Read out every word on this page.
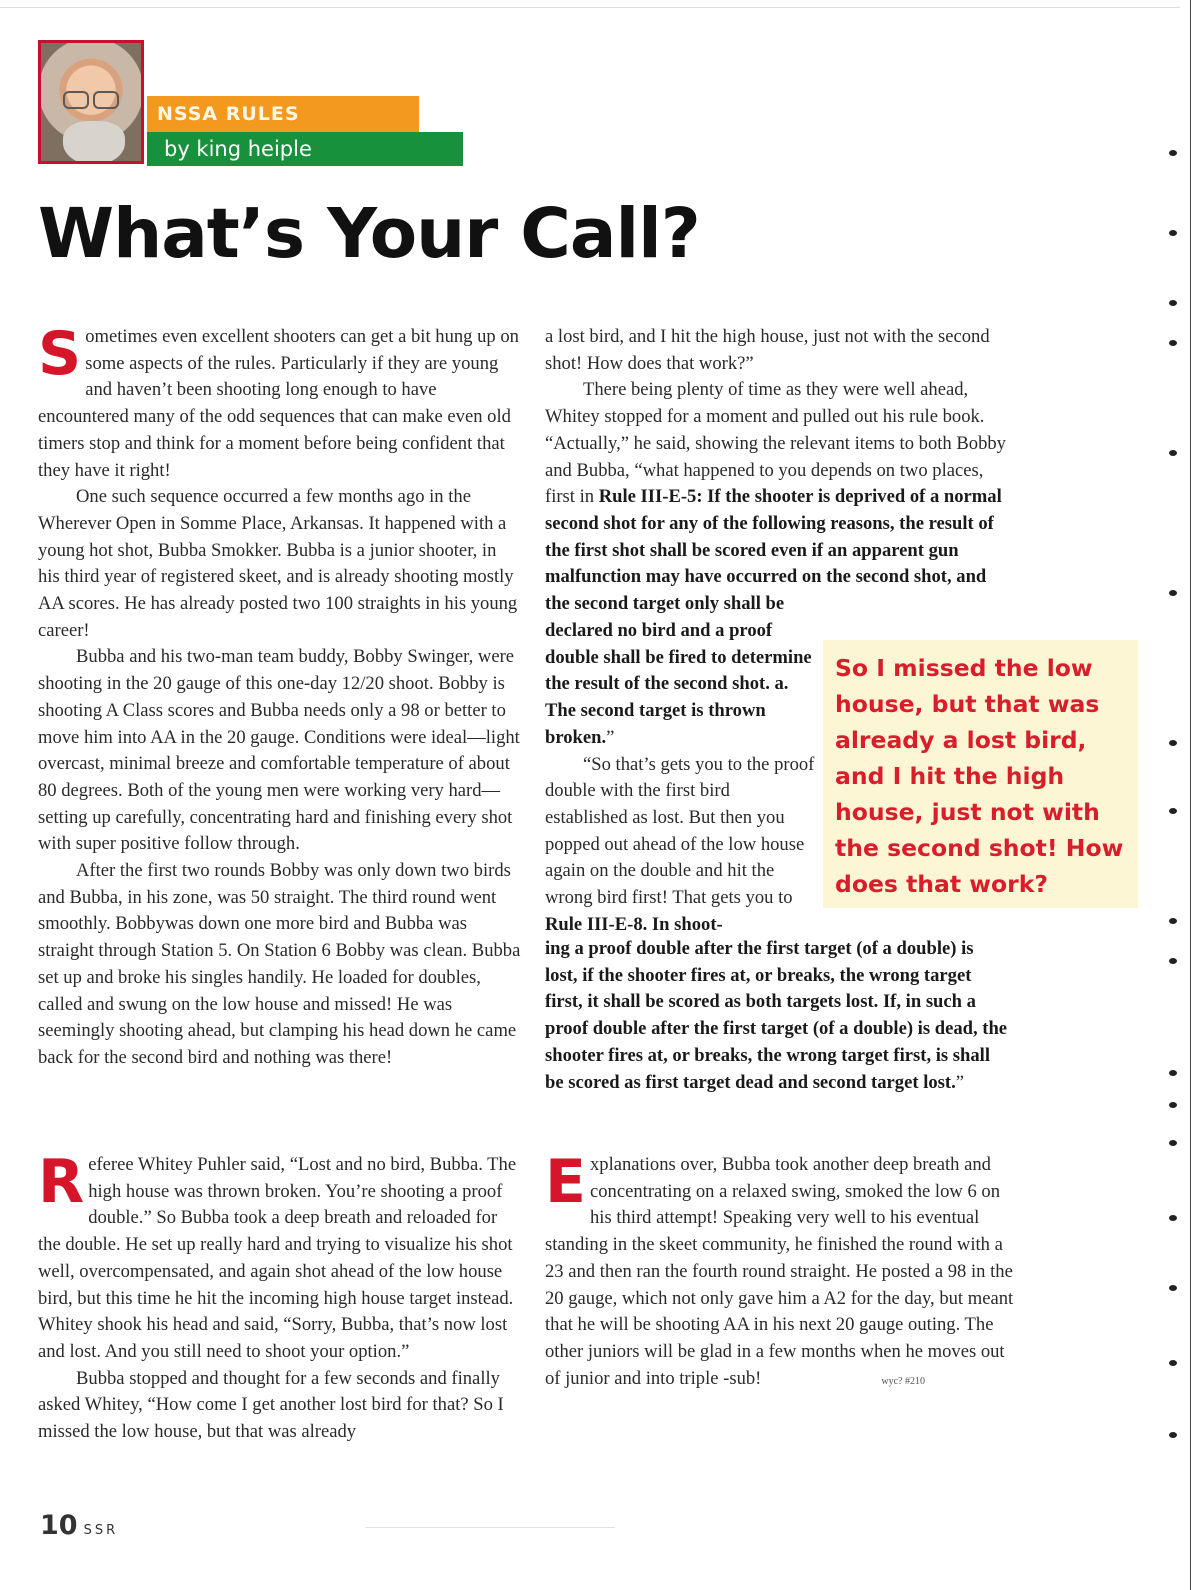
NSSA RULES
by king heiple
What’s Your Call?

Sometimes even excellent shooters can get a bit hung up on some aspects of the rules. Particularly if they are young and haven’t been shooting long enough to have encountered many of the odd sequences that can make even old timers stop and think for a moment before being confident that they have it right!

One such sequence occurred a few months ago in the Wherever Open in Somme Place, Arkansas. It happened with a young hot shot, Bubba Smokker. Bubba is a junior shooter, in his third year of registered skeet, and is already shooting mostly AA scores. He has already posted two 100 straights in his young career!

Bubba and his two-man team buddy, Bobby Swinger, were shooting in the 20 gauge of this one-day 12/20 shoot. Bobby is shooting A Class scores and Bubba needs only a 98 or better to move him into AA in the 20 gauge. Conditions were ideal—light overcast, minimal breeze and comfortable temperature of about 80 degrees. Both of the young men were working very hard—setting up carefully, concentrating hard and finishing every shot with super positive follow through.

After the first two rounds Bobby was only down two birds and Bubba, in his zone, was 50 straight. The third round went smoothly. Bobbywas down one more bird and Bubba was straight through Station 5. On Station 6 Bobby was clean. Bubba set up and broke his singles handily. He loaded for doubles, called and swung on the low house and missed! He was seemingly shooting ahead, but clamping his head down he came back for the second bird and nothing was there!

Referee Whitey Puhler said, “Lost and no bird, Bubba. The high house was thrown broken. You’re shooting a proof double.” So Bubba took a deep breath and reloaded for the double. He set up really hard and trying to visualize his shot well, overcompensated, and again shot ahead of the low house bird, but this time he hit the incoming high house target instead. Whitey shook his head and said, “Sorry, Bubba, that’s now lost and lost. And you still need to shoot your option.”

Bubba stopped and thought for a few seconds and finally asked Whitey, “How come I get another lost bird for that? So I missed the low house, but that was already

a lost bird, and I hit the high house, just not with the second shot! How does that work?”

There being plenty of time as they were well ahead, Whitey stopped for a moment and pulled out his rule book. “Actually,” he said, showing the relevant items to both Bobby and Bubba, “what happened to you depends on two places, first in Rule III-E-5: If the shooter is deprived of a normal second shot for any of the following reasons, the result of the first shot shall be scored even if an apparent gun malfunction may have occurred on the second shot, and the second target only shall be

declared no bird and a proof double shall be fired to determine the result of the second shot. a. The second target is thrown broken.”

“So that’s gets you to the proof double with the first bird established as lost. But then you popped out ahead of the low house again on the double and hit the wrong bird first! That gets you to Rule III-E-8. In shoot-

ing a proof double after the first target (of a double) is lost, if the shooter fires at, or breaks, the wrong target first, it shall be scored as both targets lost. If, in such a proof double after the first target (of a double) is dead, the shooter fires at, or breaks, the wrong target first, is shall be scored as first target dead and second target lost.”

Explanations over, Bubba took another deep breath and concentrating on a relaxed swing, smoked the low 6 on his third attempt! Speaking very well to his eventual standing in the skeet community, he finished the round with a 23 and then ran the fourth round straight. He posted a 98 in the 20 gauge, which not only gave him a A2 for the day, but meant that he will be shooting AA in his next 20 gauge outing. The other juniors will be glad in a few months when he moves out of junior and into triple -sub!	wyc? #210

So I missed the low house, but that was already a lost bird, and I hit the high house, just not with the second shot! How does that work?
10 SSR
